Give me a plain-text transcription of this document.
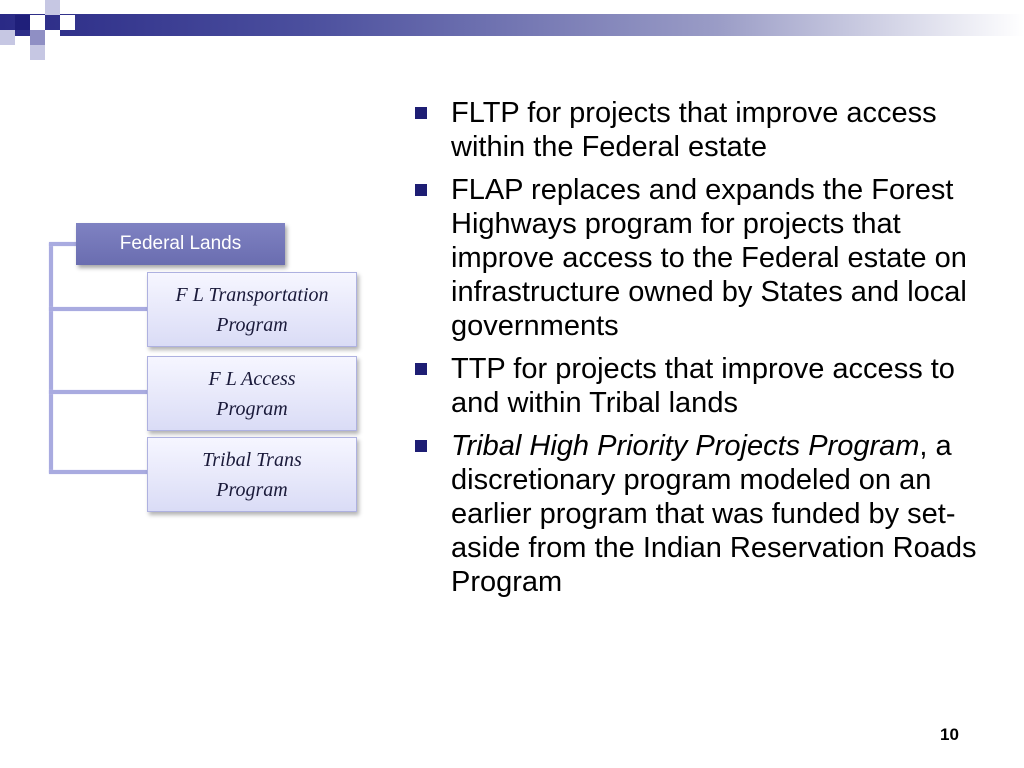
Federal Lands
F L Transportation
Program
F L Access
Program
Tribal Trans
Program
FLTP for projects that improve access within the Federal estate
FLAP replaces and expands the Forest Highways program for projects that improve access to the Federal estate on infrastructure owned by States and local governments
TTP for projects that improve access to and within Tribal lands
Tribal High Priority Projects Program, a discretionary program modeled on an earlier program that was funded by set-aside from the Indian Reservation Roads Program
10
